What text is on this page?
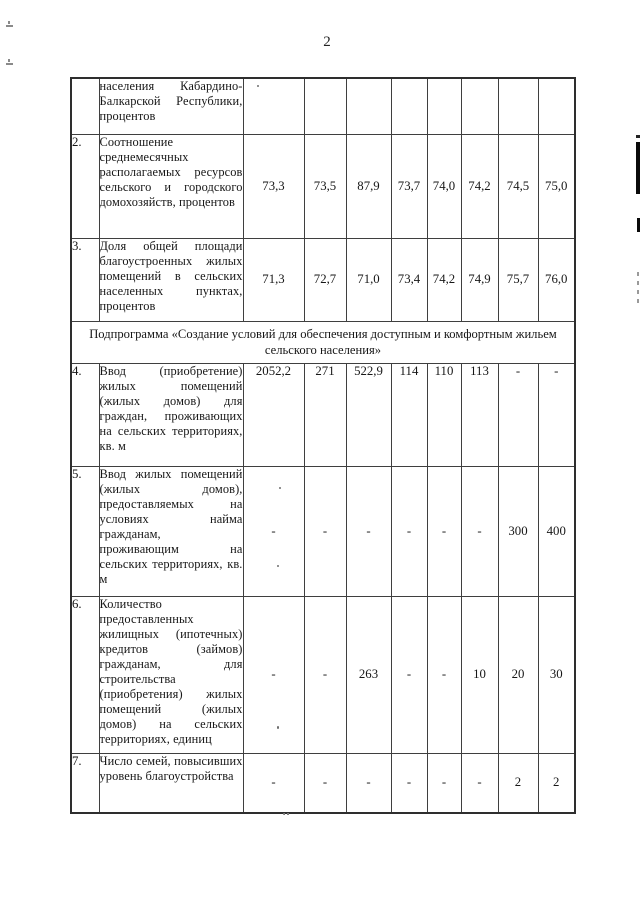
2
	населения Кабардино-Балкарской Республики, процентов								
2.	Соотношение среднемесячных располагаемых ресурсов сельского и городского домохозяйств, процентов	73,3	73,5	87,9	73,7	74,0	74,2	74,5	75,0
3.	Доля общей площади благоустроенных жилых помещений в сельских населенных пунктах, процентов	71,3	72,7	71,0	73,4	74,2	74,9	75,7	76,0
Подпрограмма «Создание условий для обеспечения доступным и комфортным жильем сельского населения»									
4.	Ввод (приобретение) жилых помещений (жилых домов) для граждан, проживающих на сельских территориях, кв. м	2052,2	271	522,9	114	110	113	-	-
5.	Ввод жилых помещений (жилых домов), предоставляемых на условиях найма гражданам, проживающим на сельских территориях, кв. м	-	-	-	-	-	-	300	400
6.	Количество предоставленных жилищных (ипотечных) кредитов (займов) гражданам, для строительства (приобретения) жилых помещений (жилых домов) на сельских территориях, единиц	-	-	263	-	-	10	20	30
7.	Число семей, повысивших уровень благоустройства	-	-	-	-	-	-	2	2
